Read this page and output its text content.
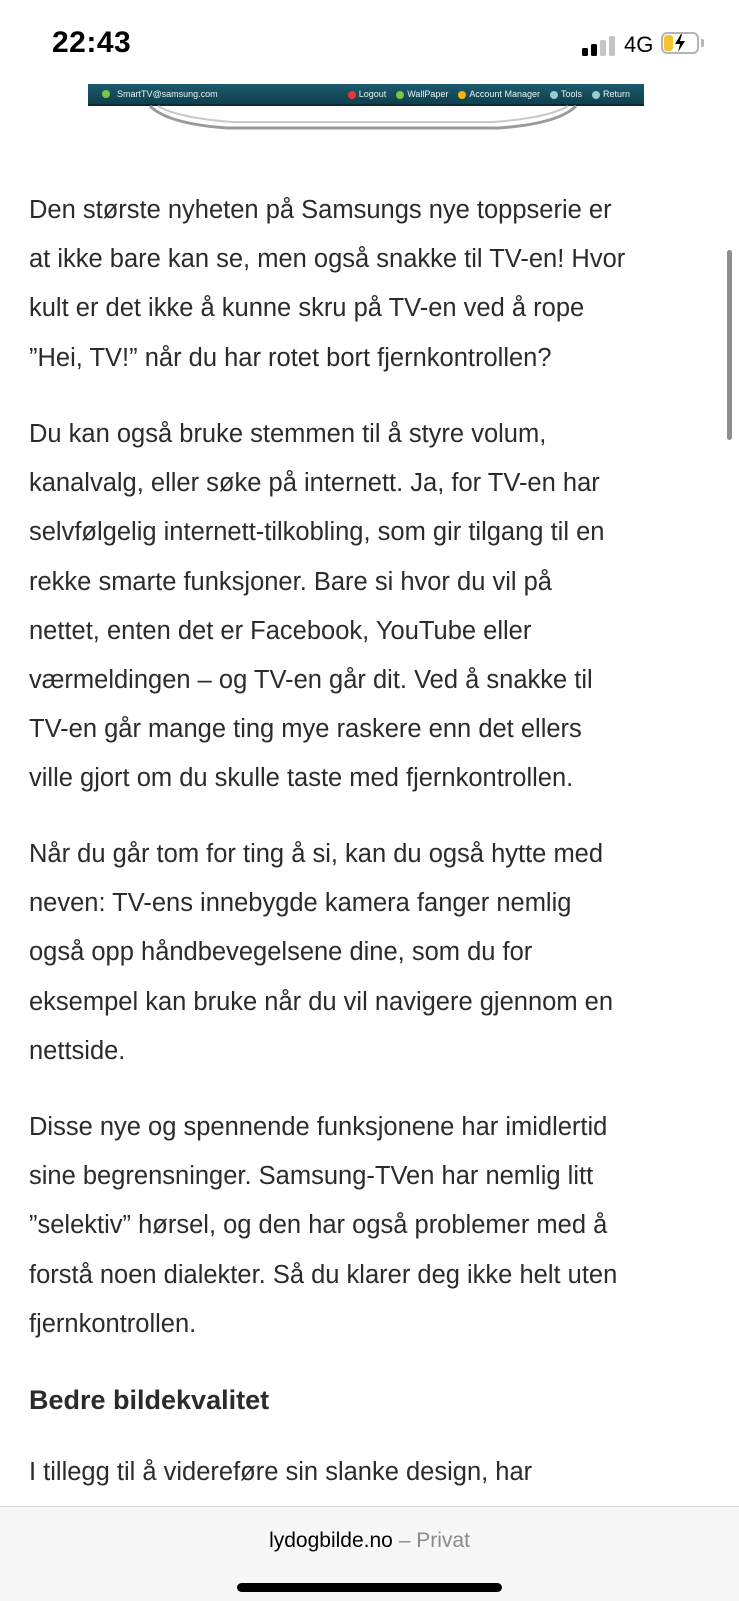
22:43	4G
SmartTV@samsung.com	Logout	WallPaper	Account Manager	Tools	Return

Den største nyheten på Samsungs nye toppserie er
at ikke bare kan se, men også snakke til TV-en! Hvor
kult er det ikke å kunne skru på TV-en ved å rope
”Hei, TV!” når du har rotet bort fjernkontrollen?

Du kan også bruke stemmen til å styre volum,
kanalvalg, eller søke på internett. Ja, for TV-en har
selvfølgelig internett-tilkobling, som gir tilgang til en
rekke smarte funksjoner. Bare si hvor du vil på
nettet, enten det er Facebook, YouTube eller
værmeldingen – og TV-en går dit. Ved å snakke til
TV-en går mange ting mye raskere enn det ellers
ville gjort om du skulle taste med fjernkontrollen.

Når du går tom for ting å si, kan du også hytte med
neven: TV-ens innebygde kamera fanger nemlig
også opp håndbevegelsene dine, som du for
eksempel kan bruke når du vil navigere gjennom en
nettside.

Disse nye og spennende funksjonene har imidlertid
sine begrensninger. Samsung-TVen har nemlig litt
”selektiv” hørsel, og den har også problemer med å
forstå noen dialekter. Så du klarer deg ikke helt uten
fjernkontrollen.

Bedre bildekvalitet

I tillegg til å videreføre sin slanke design, har

lydogbilde.no – Privat
